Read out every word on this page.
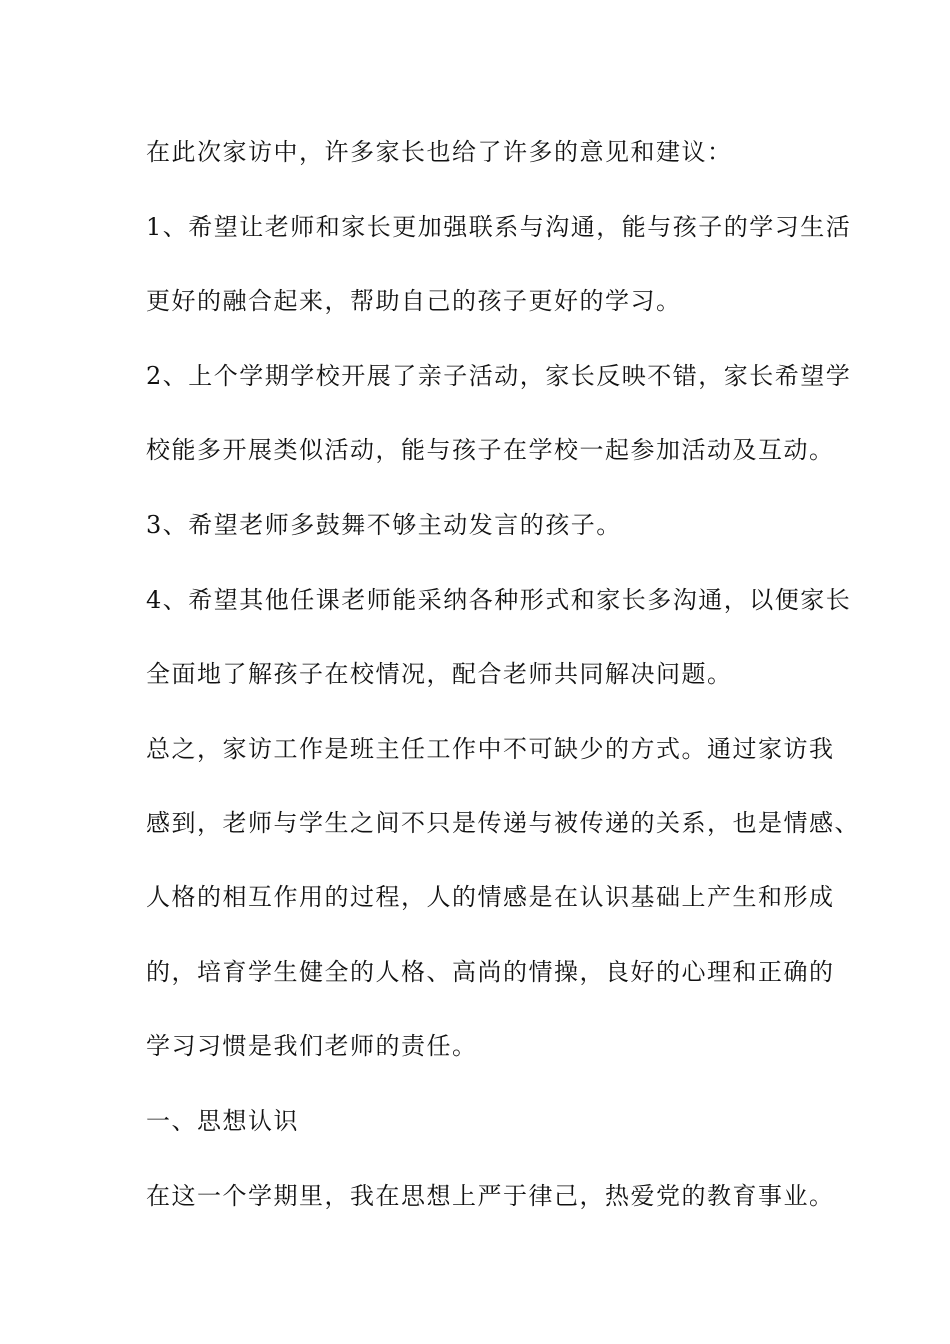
在此次家访中，许多家长也给了许多的意见和建议：

1、希望让老师和家长更加强联系与沟通，能与孩子的学习生活

更好的融合起来，帮助自己的孩子更好的学习。

2、上个学期学校开展了亲子活动，家长反映不错，家长希望学

校能多开展类似活动，能与孩子在学校一起参加活动及互动。

3、希望老师多鼓舞不够主动发言的孩子。

4、希望其他任课老师能采纳各种形式和家长多沟通，以便家长

全面地了解孩子在校情况，配合老师共同解决问题。

总之，家访工作是班主任工作中不可缺少的方式。通过家访我

感到，老师与学生之间不只是传递与被传递的关系，也是情感、

人格的相互作用的过程，人的情感是在认识基础上产生和形成

的，培育学生健全的人格、高尚的情操，良好的心理和正确的

学习习惯是我们老师的责任。

一、思想认识

在这一个学期里，我在思想上严于律己，热爱党的教育事业。
